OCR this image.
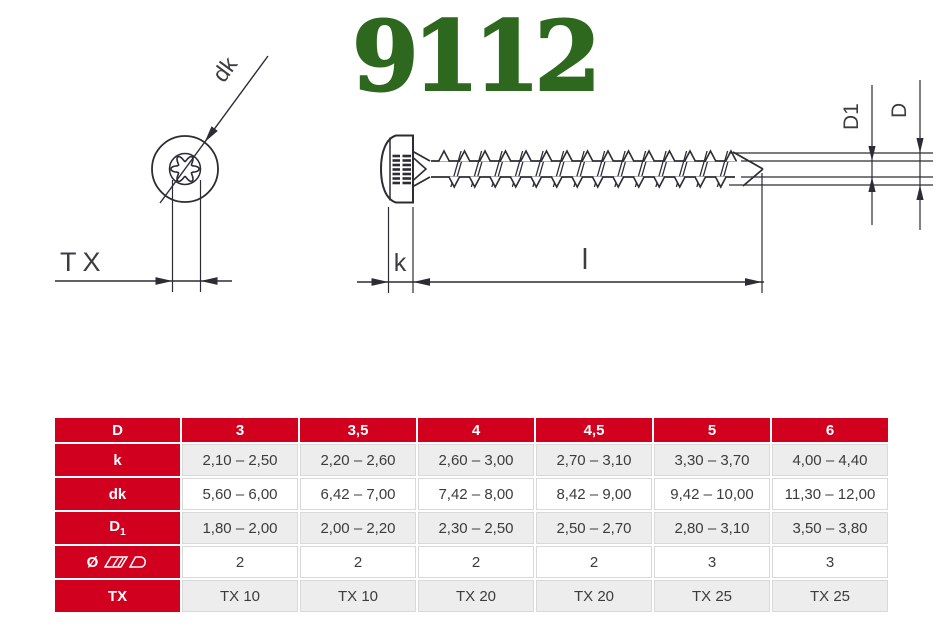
9112
dk
TX
D1 D
k	l
D	3	3,5	4	4,5	5	6
k	2,10 – 2,50	2,20 – 2,60	2,60 – 3,00	2,70 – 3,10	3,30 – 3,70	4,00 – 4,40
dk	5,60 – 6,00	6,42 – 7,00	7,42 – 8,00	8,42 – 9,00	9,42 – 10,00	11,30 – 12,00
$D_1$	1,80 – 2,00	2,00 – 2,20	2,30 – 2,50	2,50 – 2,70	2,80 – 3,10	3,50 – 3,80

Ø	2	2	2	2	3	3
TX	TX 10	TX 10	TX 20	TX 20	TX 25	TX 25
